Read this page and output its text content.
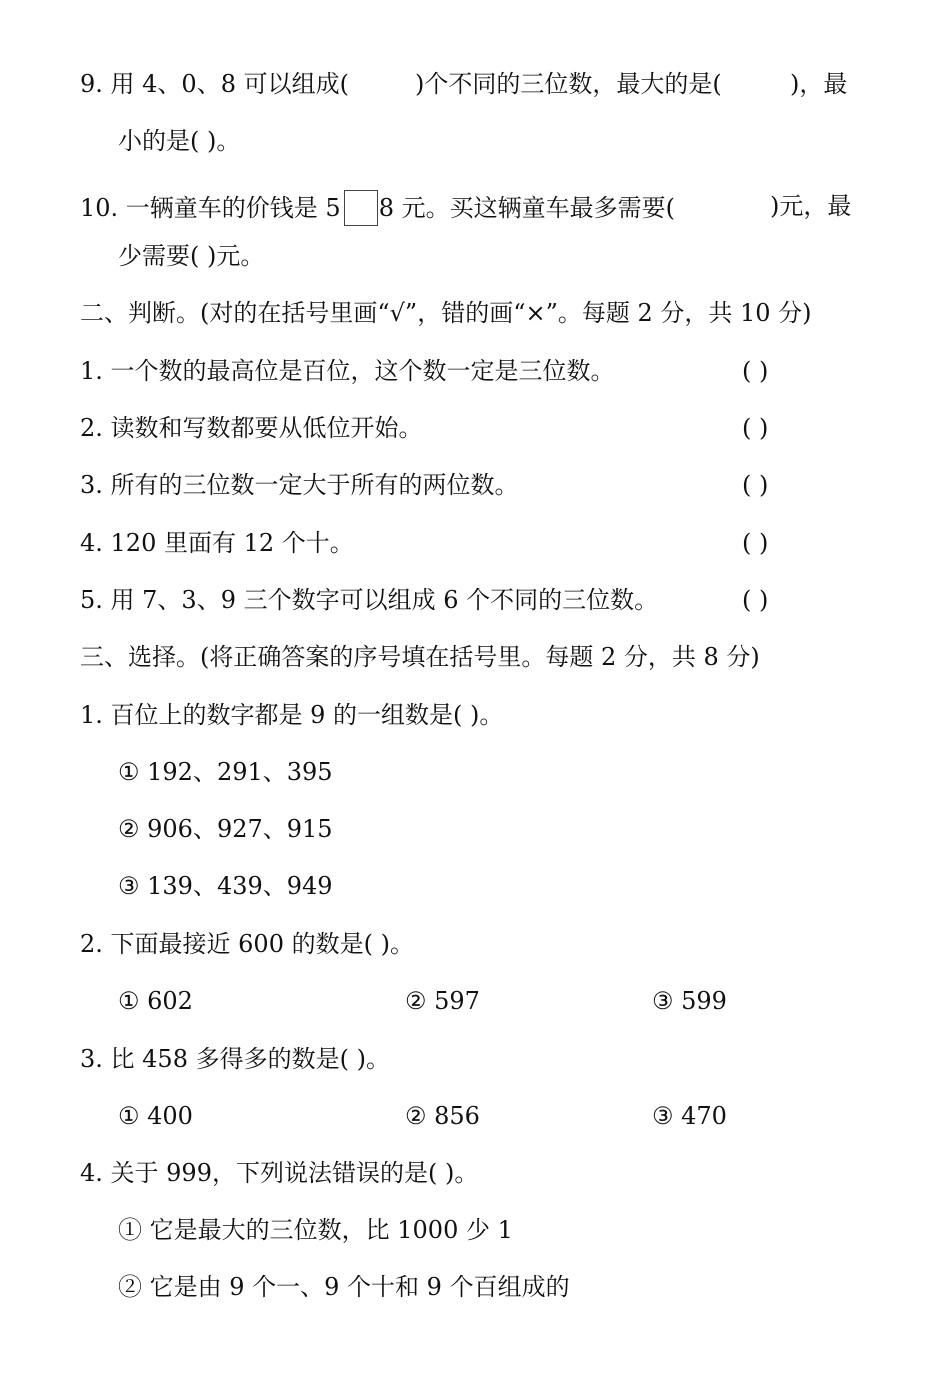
9. 用 4、0、8 可以组成(	)个不同的三位数，最大的是(	)，最
小的是( )。
10. 一辆童车的价钱是 5 8 元。买这辆童车最多需要(	)元，最
少需要( )元。
二、判断。(对的在括号里画“√”，错的画“×”。每题 2 分，共 10 分)
1. 一个数的最高位是百位，这个数一定是三位数。	( )
2. 读数和写数都要从低位开始。	( )
3. 所有的三位数一定大于所有的两位数。	( )
4. 120 里面有 12 个十。	( )
5. 用 7、3、9 三个数字可以组成 6 个不同的三位数。	( )
三、选择。(将正确答案的序号填在括号里。每题 2 分，共 8 分)
1. 百位上的数字都是 9 的一组数是( )。
① 192、291、395
② 906、927、915
③ 139、439、949
2. 下面最接近 600 的数是( )。
① 602	② 597	③ 599
3. 比 458 多得多的数是( )。
① 400	② 856	③ 470
4. 关于 999，下列说法错误的是( )。
① 它是最大的三位数，比 1000 少 1
② 它是由 9 个一、9 个十和 9 个百组成的
